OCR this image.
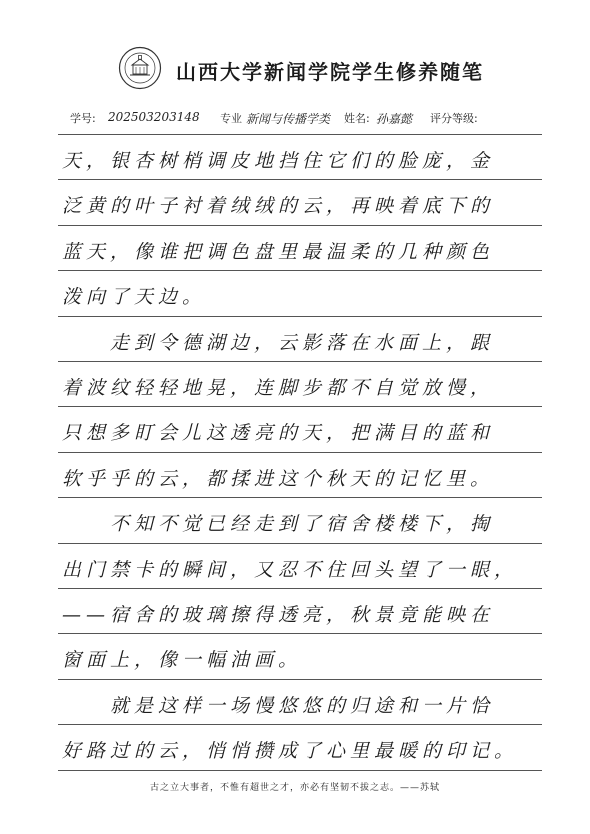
山西大学新闻学院学生修养随笔
学号: 202503203148 专业 新闻与传播学类 姓名: 孙嘉懿 评分等级:
天，银杏树梢调皮地挡住它们的脸庞，金
泛黄的叶子衬着绒绒的云，再映着底下的
蓝天，像谁把调色盘里最温柔的几种颜色
泼向了天边。
　　走到令德湖边，云影落在水面上，跟
着波纹轻轻地晃，连脚步都不自觉放慢，
只想多盯会儿这透亮的天，把满目的蓝和
软乎乎的云，都揉进这个秋天的记忆里。
　　不知不觉已经走到了宿舍楼楼下，掏
出门禁卡的瞬间，又忍不住回头望了一眼，
——宿舍的玻璃擦得透亮，秋景竟能映在
窗面上，像一幅油画。
　　就是这样一场慢悠悠的归途和一片恰
好路过的云，悄悄攒成了心里最暖的印记。
古之立大事者，不惟有超世之才，亦必有坚韧不拔之志。——苏轼
